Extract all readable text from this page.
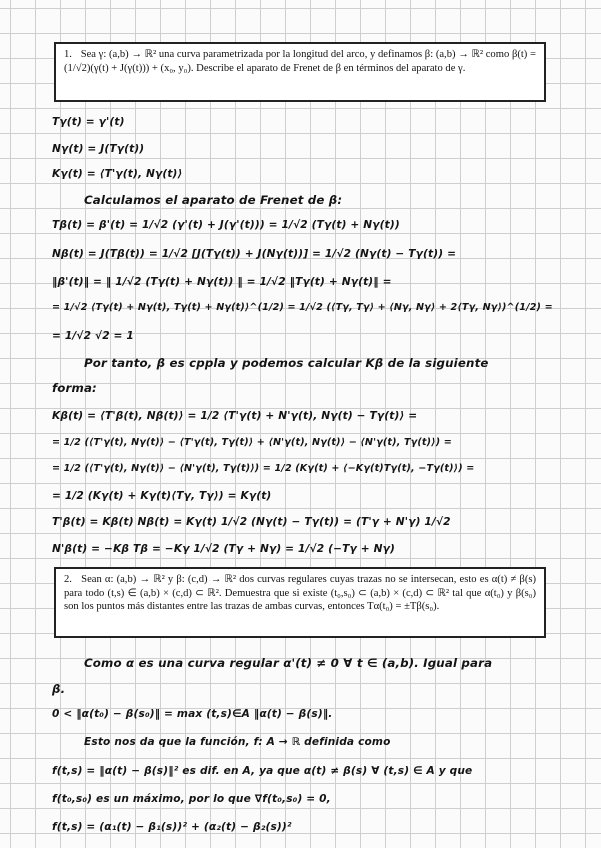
1. Sea γ: (a,b) → ℝ² una curva parametrizada por la longitud del arco, y definamos β: (a,b) → ℝ² como β(t) = (1/√2)(γ(t) + J(γ(t))) + (x₀, y₀). Describe el aparato de Frenet de β en términos del aparato de γ.
Tγ(t) = γ'(t)
Nγ(t) = J(Tγ(t))
Kγ(t) = ⟨T'γ(t), Nγ(t)⟩
Calculamos el aparato de Frenet de β:
Tβ(t) = β'(t) = 1/√2 (γ'(t) + J(γ'(t))) = 1/√2 (Tγ(t) + Nγ(t))
Nβ(t) = J(Tβ(t)) = 1/√2 [J(Tγ(t)) + J(Nγ(t))] = 1/√2 (Nγ(t) − Tγ(t)) =
‖β'(t)‖ = ‖ 1/√2 (Tγ(t) + Nγ(t)) ‖ = 1/√2 ‖Tγ(t) + Nγ(t)‖ =
= 1/√2 ⟨Tγ(t) + Nγ(t), Tγ(t) + Nγ(t)⟩^(1/2) = 1/√2 (⟨Tγ, Tγ⟩ + ⟨Nγ, Nγ⟩ + 2⟨Tγ, Nγ⟩)^(1/2) =
= 1/√2 √2 = 1
Por tanto, β es cppla y podemos calcular Kβ de la siguiente
forma:
Kβ(t) = ⟨T'β(t), Nβ(t)⟩ = 1/2 ⟨T'γ(t) + N'γ(t), Nγ(t) − Tγ(t)⟩ =
= 1/2 (⟨T'γ(t), Nγ(t)⟩ − ⟨T'γ(t), Tγ(t)⟩ + ⟨N'γ(t), Nγ(t)⟩ − ⟨N'γ(t), Tγ(t)⟩) =
= 1/2 (⟨T'γ(t), Nγ(t)⟩ − ⟨N'γ(t), Tγ(t)⟩) = 1/2 (Kγ(t) + ⟨−Kγ(t)Tγ(t), −Tγ(t)⟩) =
= 1/2 (Kγ(t) + Kγ(t)⟨Tγ, Tγ⟩) = Kγ(t)
T'β(t) = Kβ(t) Nβ(t) = Kγ(t) 1/√2 (Nγ(t) − Tγ(t)) = (T'γ + N'γ) 1/√2
N'β(t) = −Kβ Tβ = −Kγ 1/√2 (Tγ + Nγ) = 1/√2 (−Tγ + Nγ)
2. Sean α: (a,b) → ℝ² y β: (c,d) → ℝ² dos curvas regulares cuyas trazas no se intersecan, esto es α(t) ≠ β(s) para todo (t,s) ∈ (a,b) × (c,d) ⊂ ℝ². Demuestra que si existe (t₀,s₀) ⊂ (a,b) × (c,d) ⊂ ℝ² tal que α(t₀) y β(s₀) son los puntos más distantes entre las trazas de ambas curvas, entonces Tα(t₀) = ±Tβ(s₀).
Como α es una curva regular α'(t) ≠ 0 ∀ t ∈ (a,b). Igual para
β.
0 < ‖α(t₀) − β(s₀)‖ = max (t,s)∈A ‖α(t) − β(s)‖.
Esto nos da que la función, f: A → ℝ definida como
f(t,s) = ‖α(t) − β(s)‖² es dif. en A, ya que α(t) ≠ β(s) ∀ (t,s) ∈ A y que
f(t₀,s₀) es un máximo, por lo que ∇f(t₀,s₀) = 0,
f(t,s) = (α₁(t) − β₁(s))² + (α₂(t) − β₂(s))²
